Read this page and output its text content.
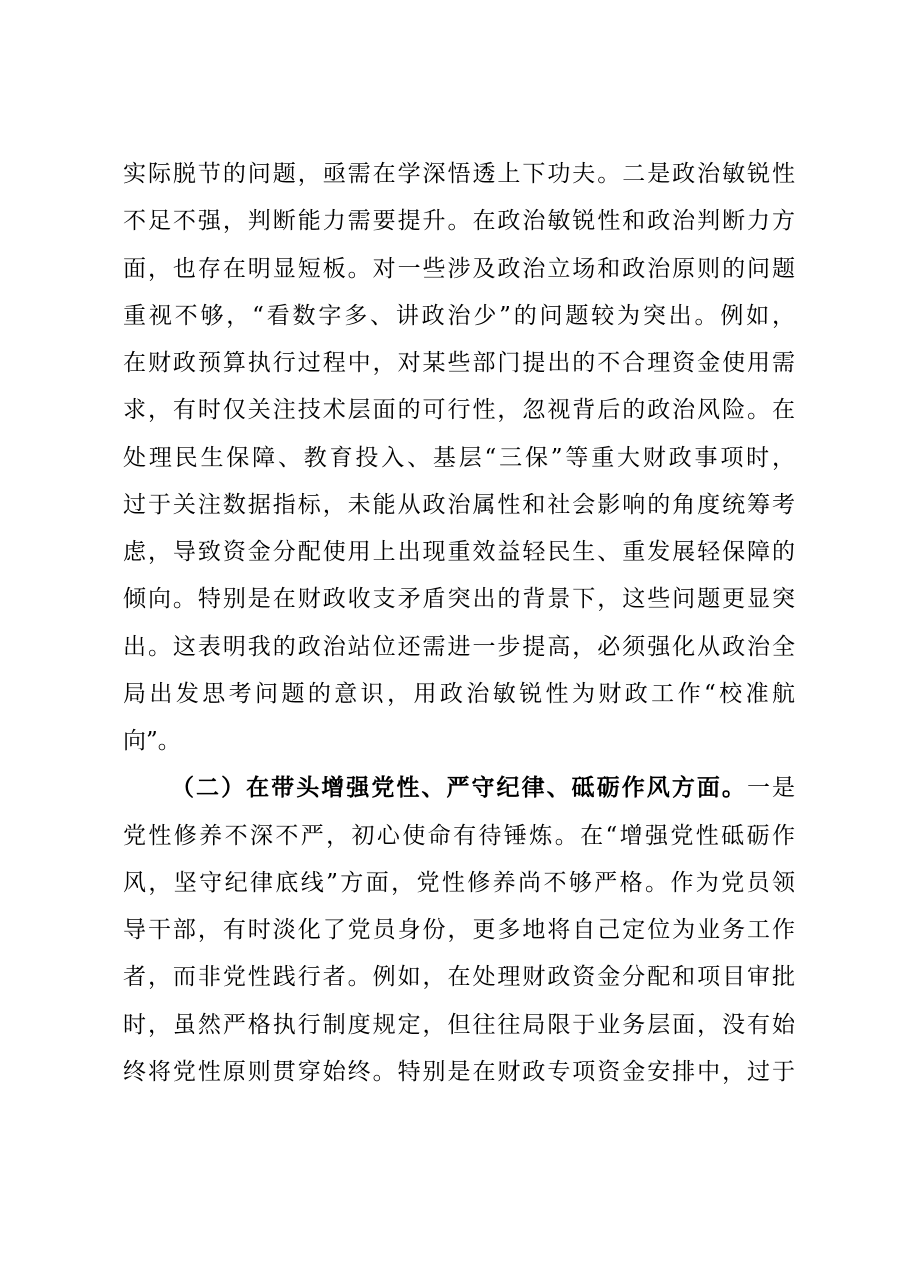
实际脱节的问题，亟需在学深悟透上下功夫。二是政治敏锐性
不足不强，判断能力需要提升。在政治敏锐性和政治判断力方
面，也存在明显短板。对一些涉及政治立场和政治原则的问题
重视不够，“看数字多、讲政治少”的问题较为突出。例如，
在财政预算执行过程中，对某些部门提出的不合理资金使用需
求，有时仅关注技术层面的可行性，忽视背后的政治风险。在
处理民生保障、教育投入、基层“三保”等重大财政事项时，
过于关注数据指标，未能从政治属性和社会影响的角度统筹考
虑，导致资金分配使用上出现重效益轻民生、重发展轻保障的
倾向。特别是在财政收支矛盾突出的背景下，这些问题更显突
出。这表明我的政治站位还需进一步提高，必须强化从政治全
局出发思考问题的意识，用政治敏锐性为财政工作“校准航
向”。
（二）在带头增强党性、严守纪律、砥砺作风方面。一是
党性修养不深不严，初心使命有待锤炼。在“增强党性砥砺作
风，坚守纪律底线”方面，党性修养尚不够严格。作为党员领
导干部，有时淡化了党员身份，更多地将自己定位为业务工作
者，而非党性践行者。例如，在处理财政资金分配和项目审批
时，虽然严格执行制度规定，但往往局限于业务层面，没有始
终将党性原则贯穿始终。特别是在财政专项资金安排中，过于
